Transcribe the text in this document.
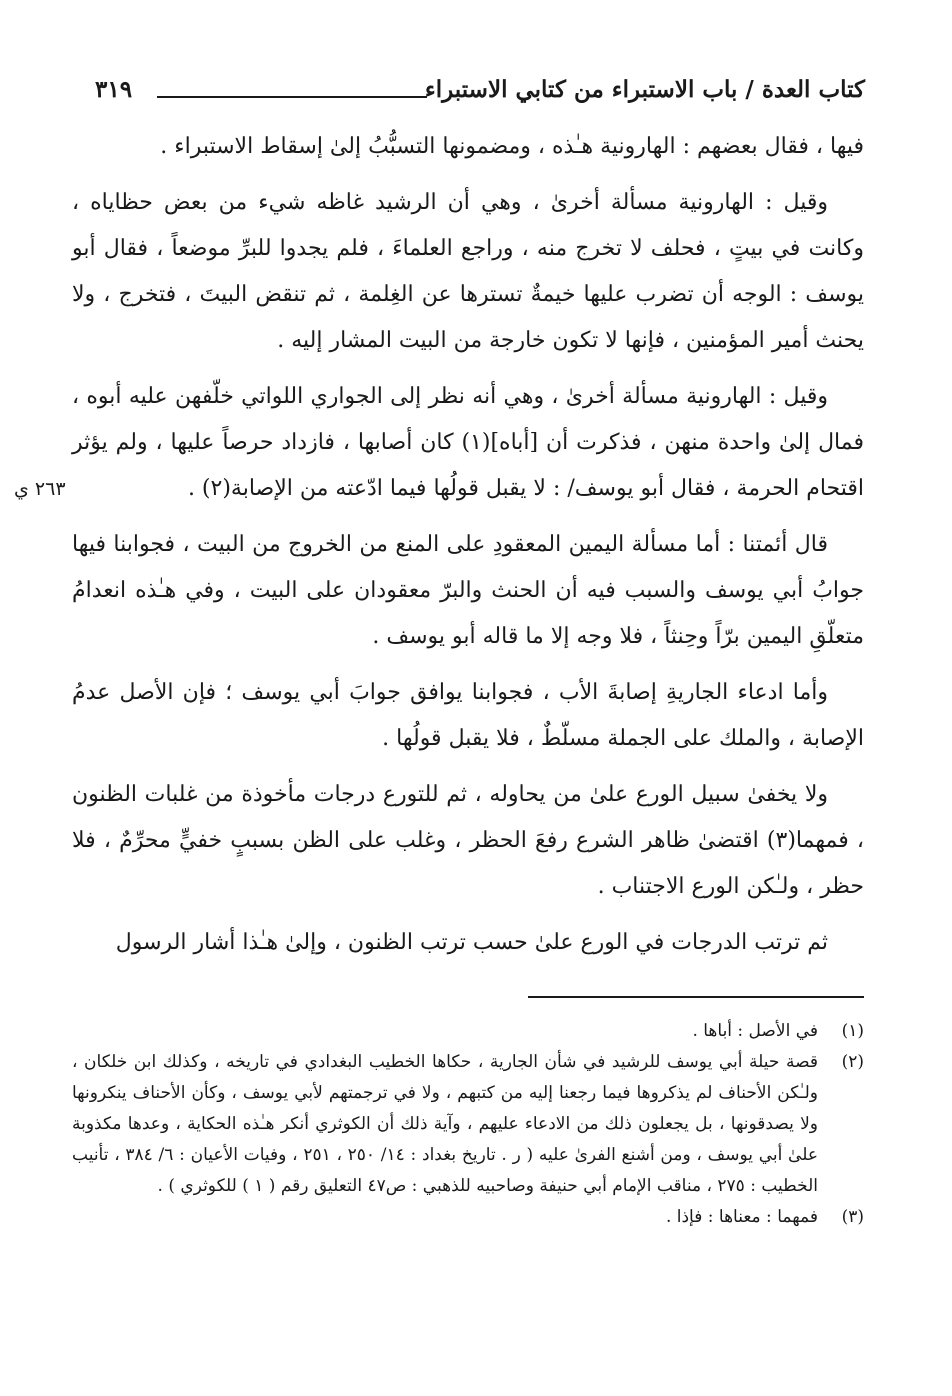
كتاب العدة / باب الاستبراء من كتابي الاستبراء
٣١٩
٢٦٣ ي

فيها ، فقال بعضهم : الهارونية هـٰذه ، ومضمونها التسبُّبُ إلىٰ إسقاط الاستبراء .

وقيل : الهارونية مسألة أخرىٰ ، وهي أن الرشيد غاظه شيء من بعض حظاياه ، وكانت في بيتٍ ، فحلف لا تخرج منه ، وراجع العلماءَ ، فلم يجدوا للبرِّ موضعاً ، فقال أبو يوسف : الوجه أن تضرب عليها خيمةٌ تسترها عن الغِلمة ، ثم تنقض البيتَ ، فتخرج ، ولا يحنث أمير المؤمنين ، فإنها لا تكون خارجة من البيت المشار إليه .

وقيل : الهارونية مسألة أخرىٰ ، وهي أنه نظر إلى الجواري اللواتي خلّفهن عليه أبوه ، فمال إلىٰ واحدة منهن ، فذكرت أن [أباه](١) كان أصابها ، فازداد حرصاً عليها ، ولم يؤثر اقتحام الحرمة ، فقال أبو يوسف/ : لا يقبل قولُها فيما ادّعته من الإصابة(٢) .

قال أئمتنا : أما مسألة اليمين المعقودِ على المنع من الخروج من البيت ، فجوابنا فيها جوابُ أبي يوسف والسبب فيه أن الحنث والبرّ معقودان على البيت ، وفي هـٰذه انعدامُ متعلّقِ اليمين برّاً وحِنثاً ، فلا وجه إلا ما قاله أبو يوسف .

وأما ادعاء الجاريةِ إصابةَ الأب ، فجوابنا يوافق جوابَ أبي يوسف ؛ فإن الأصل عدمُ الإصابة ، والملك على الجملة مسلّطٌ ، فلا يقبل قولُها .

ولا يخفىٰ سبيل الورع علىٰ من يحاوله ، ثم للتورع درجات مأخوذة من غلبات الظنون ، فمهما(٣) اقتضىٰ ظاهر الشرع رفعَ الحظر ، وغلب على الظن بسببٍ خفيٍّ محرِّمٌ ، فلا حظر ، ولـٰكن الورع الاجتناب .

ثم ترتب الدرجات في الورع علىٰ حسب ترتب الظنون ، وإلىٰ هـٰذا أشار الرسول

(١)
في الأصل : أباها .
(٢)
قصة حيلة أبي يوسف للرشيد في شأن الجارية ، حكاها الخطيب البغدادي في تاريخه ، وكذلك ابن خلكان ، ولـٰكن الأحناف لم يذكروها فيما رجعنا إليه من كتبهم ، ولا في ترجمتهم لأبي يوسف ، وكأن الأحناف ينكرونها ولا يصدقونها ، بل يجعلون ذلك من الادعاء عليهم ، وآية ذلك أن الكوثري أنكر هـٰذه الحكاية ، وعدها مكذوبة علىٰ أبي يوسف ، ومن أشنع الفرىٰ عليه ( ر . تاريخ بغداد : ١٤/ ٢٥٠ ، ٢٥١ ، وفيات الأعيان : ٦/ ٣٨٤ ، تأنيب الخطيب : ٢٧٥ ، مناقب الإمام أبي حنيفة وصاحبيه للذهبي : ص٤٧ التعليق رقم ( ١ ) للكوثري ) .
(٣)
فمهما : معناها : فإذا .
